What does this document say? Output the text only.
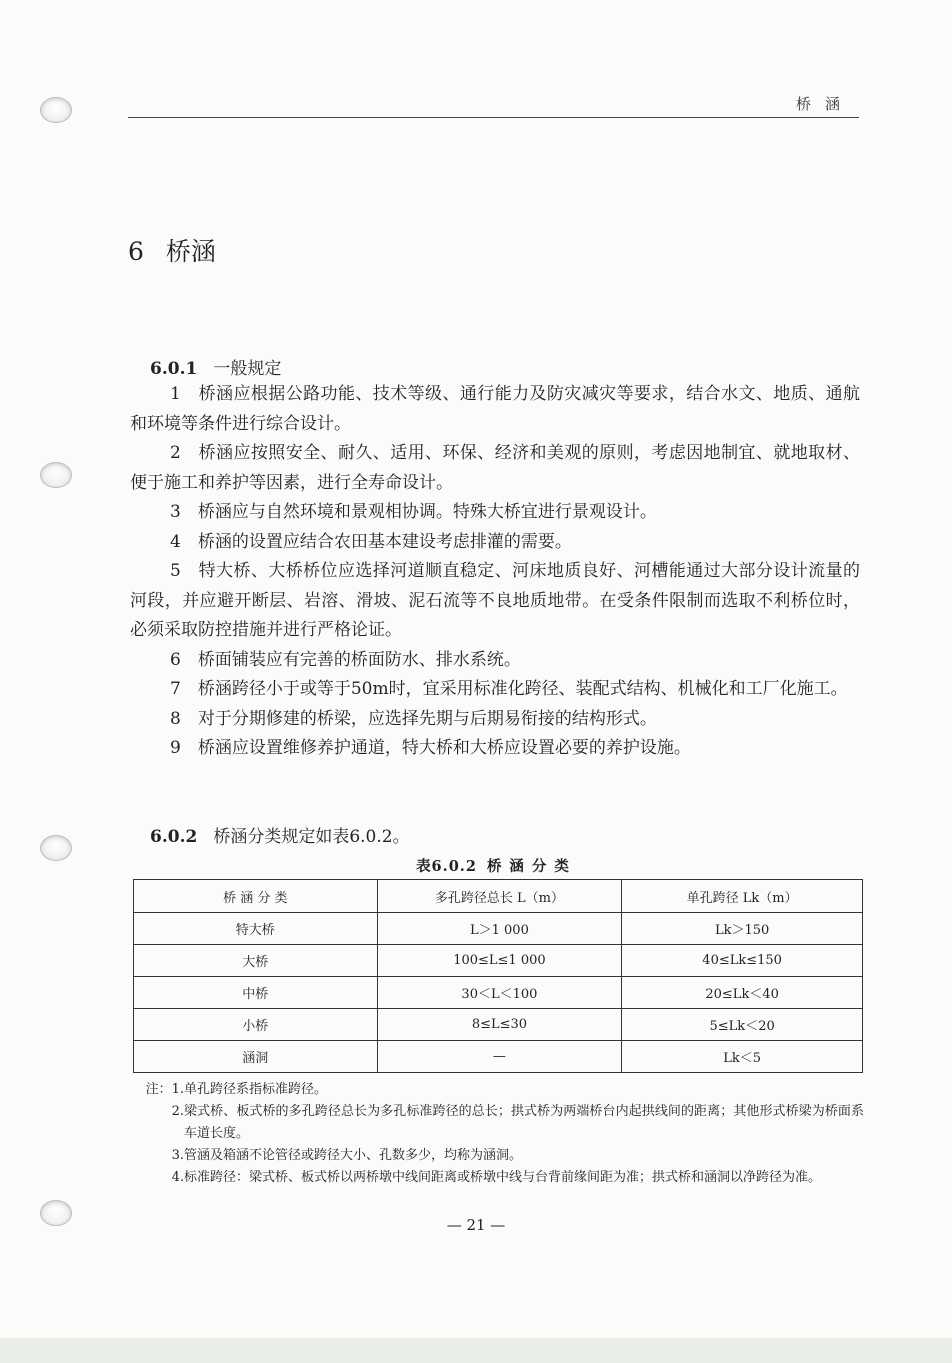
桥涵
6 桥涵
6.0.1 一般规定

1　桥涵应根据公路功能、技术等级、通行能力及防灾减灾等要求，结合水文、地质、通航和环境等条件进行综合设计。

2　桥涵应按照安全、耐久、适用、环保、经济和美观的原则，考虑因地制宜、就地取材、便于施工和养护等因素，进行全寿命设计。

3　桥涵应与自然环境和景观相协调。特殊大桥宜进行景观设计。

4　桥涵的设置应结合农田基本建设考虑排灌的需要。

5　特大桥、大桥桥位应选择河道顺直稳定、河床地质良好、河槽能通过大部分设计流量的河段，并应避开断层、岩溶、滑坡、泥石流等不良地质地带。在受条件限制而选取不利桥位时，必须采取防控措施并进行严格论证。

6　桥面铺装应有完善的桥面防水、排水系统。

7　桥涵跨径小于或等于50m时，宜采用标准化跨径、装配式结构、机械化和工厂化施工。

8　对于分期修建的桥梁，应选择先期与后期易衔接的结构形式。

9　桥涵应设置维修养护通道，特大桥和大桥应设置必要的养护设施。

6.0.2 桥涵分类规定如表6.0.2。
表6.0.2 桥涵分类
桥 涵 分 类	多孔跨径总长 L（m）	单孔跨径 Lk（m）
特大桥	L＞1 000	Lk＞150
大桥	100≤L≤1 000	40≤Lk≤150
中桥	30＜L＜100	20≤Lk＜40
小桥	8≤L≤30	5≤Lk＜20
涵洞	—	Lk＜5
注：1. 单孔跨径系指标准跨径。
2. 梁式桥、板式桥的多孔跨径总长为多孔标准跨径的总长；拱式桥为两端桥台内起拱线间的距离；其他形式桥梁为桥面系车道长度。
3. 管涵及箱涵不论管径或跨径大小、孔数多少，均称为涵洞。
4. 标准跨径：梁式桥、板式桥以两桥墩中线间距离或桥墩中线与台背前缘间距为准；拱式桥和涵洞以净跨径为准。
— 21 —
